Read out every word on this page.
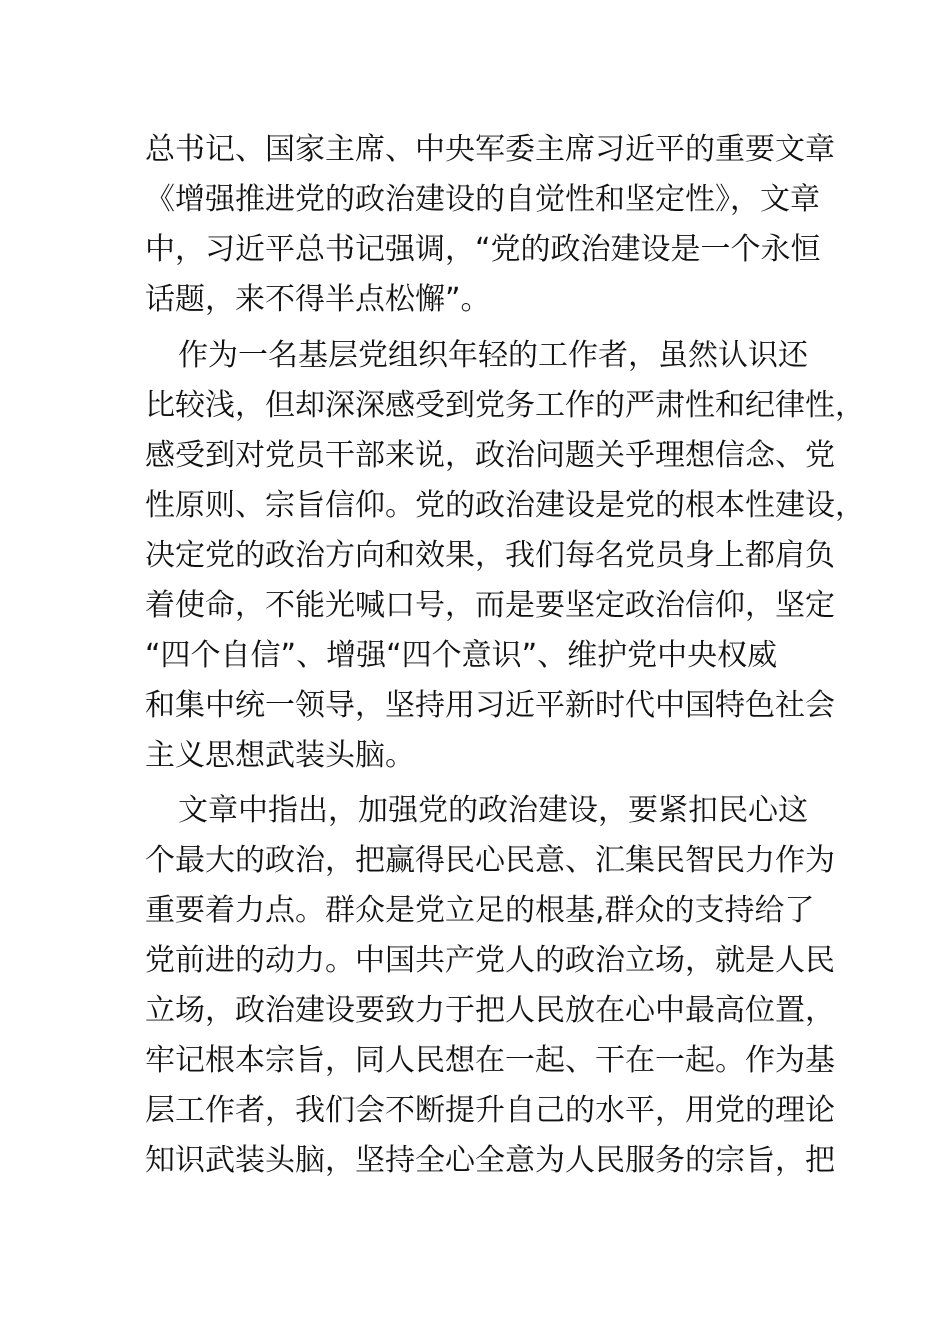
总书记、国家主席、中央军委主席习近平的重要文章
《增强推进党的政治建设的自觉性和坚定性》，文章
中，习近平总书记强调，“党的政治建设是一个永恒
话题，来不得半点松懈”。
作为一名基层党组织年轻的工作者，虽然认识还
比较浅，但却深深感受到党务工作的严肃性和纪律性，
感受到对党员干部来说，政治问题关乎理想信念、党
性原则、宗旨信仰。党的政治建设是党的根本性建设，
决定党的政治方向和效果，我们每名党员身上都肩负
着使命，不能光喊口号，而是要坚定政治信仰，坚定
“四个自信”、增强“四个意识”、维护党中央权威
和集中统一领导，坚持用习近平新时代中国特色社会
主义思想武装头脑。
文章中指出，加强党的政治建设，要紧扣民心这
个最大的政治，把赢得民心民意、汇集民智民力作为
重要着力点。群众是党立足的根基,群众的支持给了
党前进的动力。中国共产党人的政治立场，就是人民
立场，政治建设要致力于把人民放在心中最高位置，
牢记根本宗旨，同人民想在一起、干在一起。作为基
层工作者，我们会不断提升自己的水平，用党的理论
知识武装头脑，坚持全心全意为人民服务的宗旨，把
